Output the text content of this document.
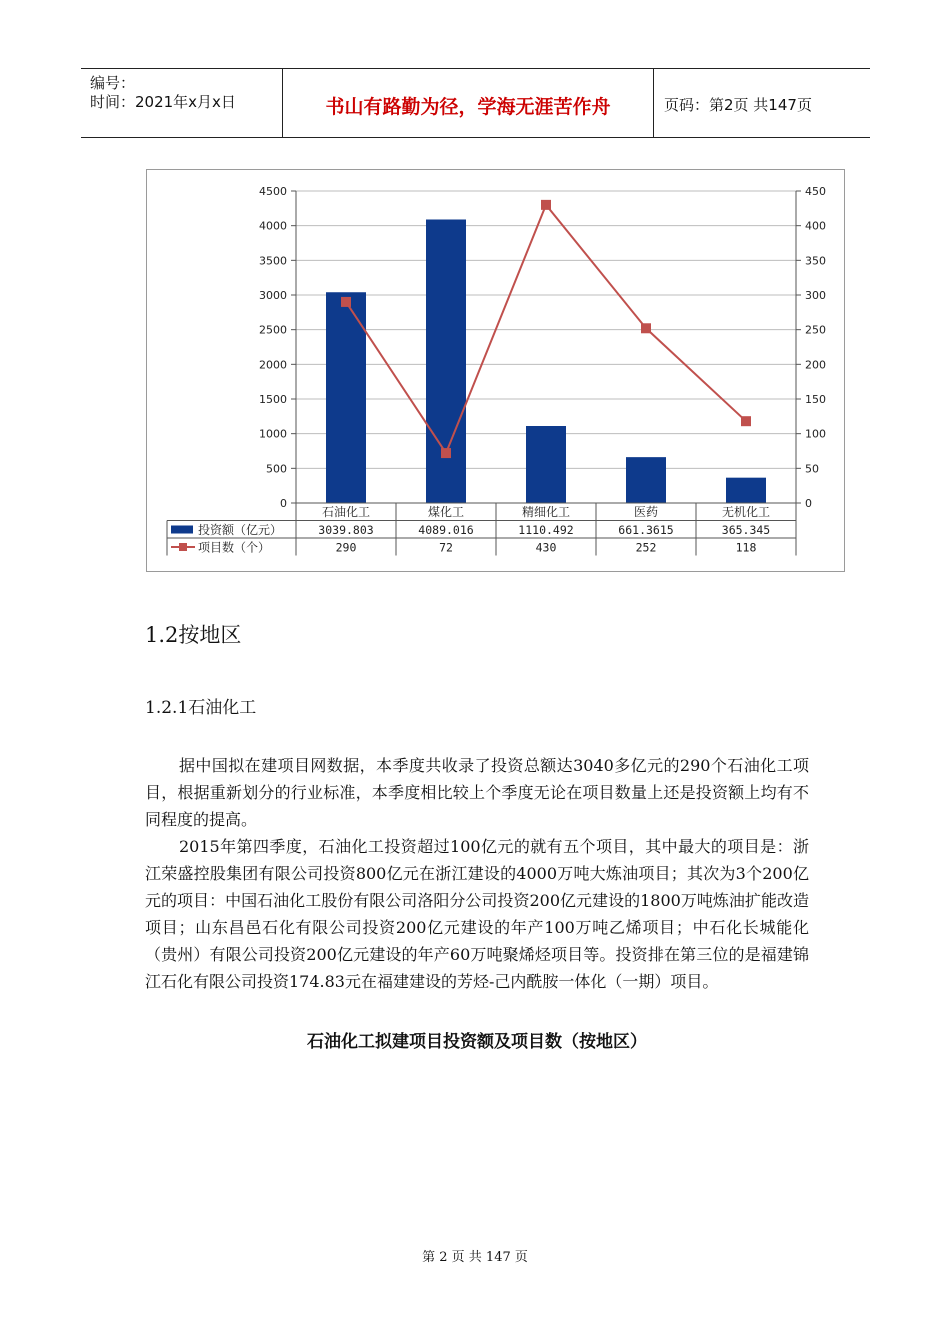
编号：
时间：2021年x月x日	书山有路勤为径，学海无涯苦作舟	页码：第2页 共147页
0
500
1000
1500
2000
2500
3000
3500
4000
4500
0
50
100
150
200
250
300
350
400
450
石油化工	煤化工	精细化工	医药	无机化工
投资额（亿元）	3039.803	4089.016	1110.492	661.3615	365.345
项目数（个）	290	72	430	252	118
1.2按地区
1.2.1石油化工

据中国拟在建项目网数据，本季度共收录了投资总额达3040多亿元的290个石油化工项目，根据重新划分的行业标准，本季度相比较上个季度无论在项目数量上还是投资额上均有不同程度的提高。

2015年第四季度，石油化工投资超过100亿元的就有五个项目，其中最大的项目是：浙江荣盛控股集团有限公司投资800亿元在浙江建设的4000万吨大炼油项目；其次为3个200亿元的项目：中国石油化工股份有限公司洛阳分公司投资200亿元建设的1800万吨炼油扩能改造项目；山东昌邑石化有限公司投资200亿元建设的年产100万吨乙烯项目；中石化长城能化（贵州）有限公司投资200亿元建设的年产60万吨聚烯烃项目等。投资排在第三位的是福建锦江石化有限公司投资174.83元在福建建设的芳烃-己内酰胺一体化（一期）项目。

石油化工拟建项目投资额及项目数（按地区）
第 2 页 共 147 页
